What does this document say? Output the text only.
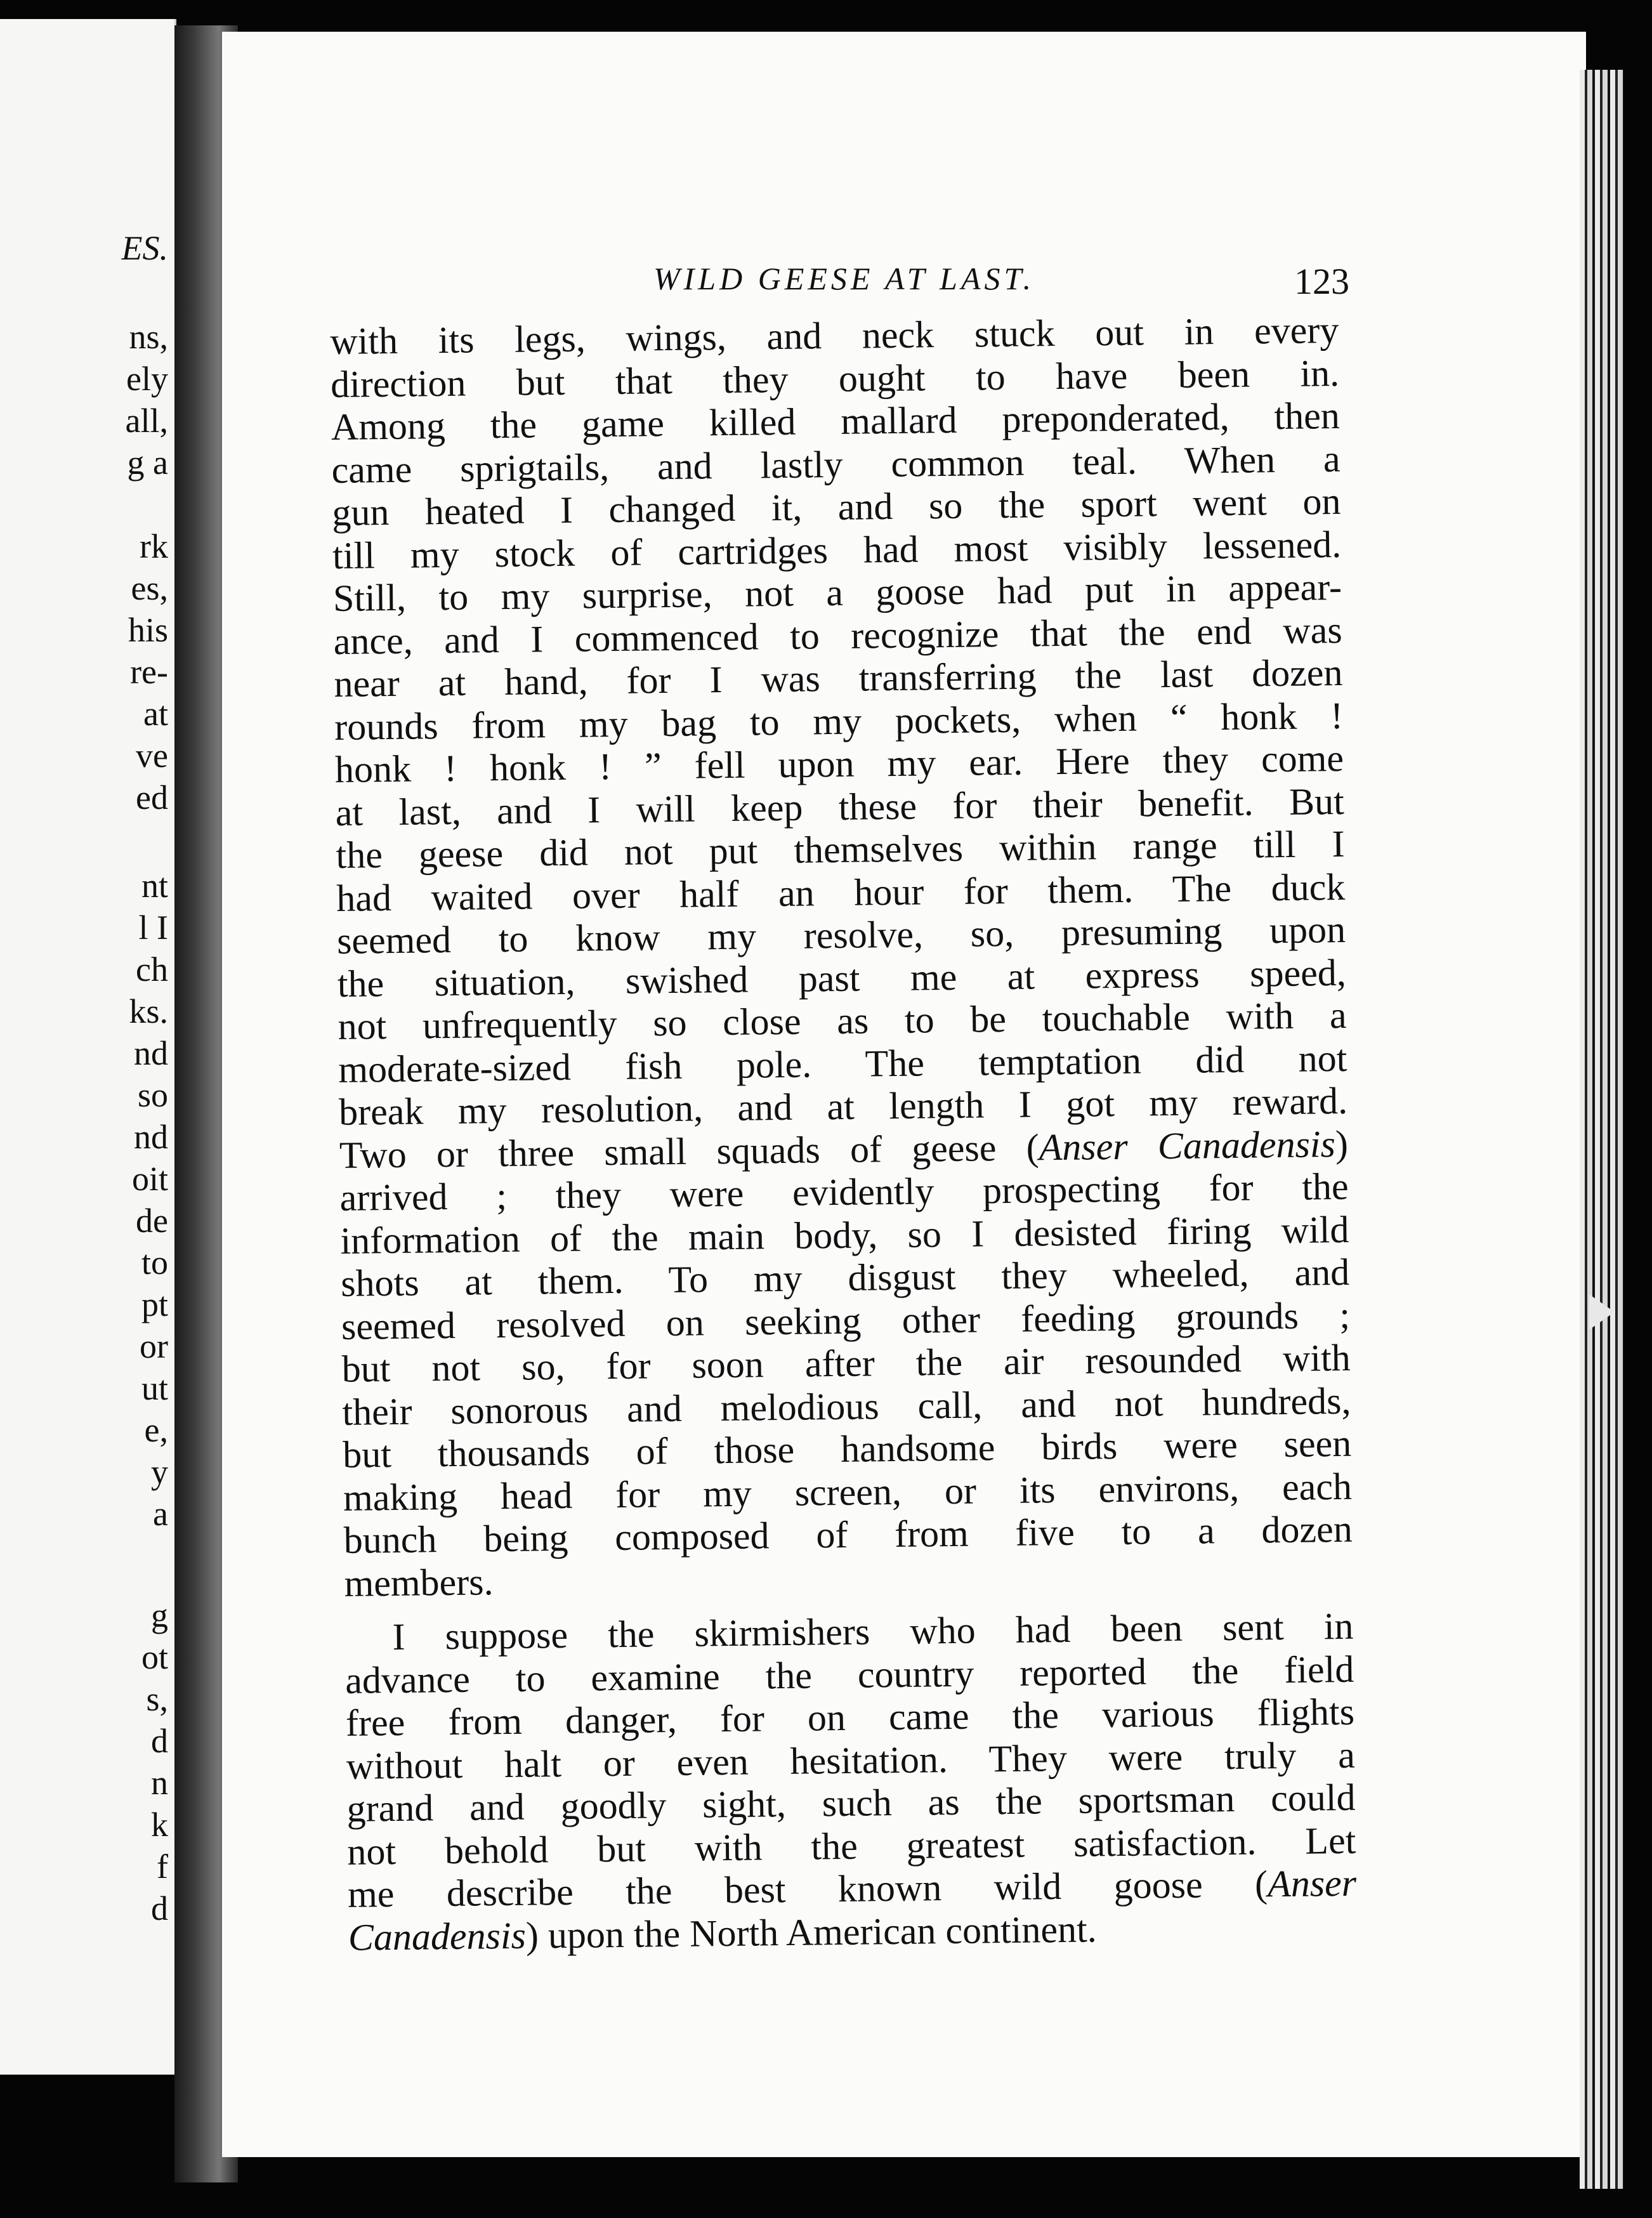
ES.
ns,
ely
all,
g a
rk
es,
his
re-
at
ve
ed
nt
l I
ch
ks.
nd
so
nd
oit
de
to
pt
or
ut
e,
y
a
g
ot
s,
d
n
k
f
d
WILD GEESE AT LAST.	123
with its legs, wings, and neck stuck out in every
direction but that they ought to have been in.
Among the game killed mallard preponderated, then
came sprigtails, and lastly common teal. When a
gun heated I changed it, and so the sport went on
till my stock of cartridges had most visibly lessened.
Still, to my surprise, not a goose had put in appear-
ance, and I commenced to recognize that the end was
near at hand, for I was transferring the last dozen
rounds from my bag to my pockets, when “ honk !
honk ! honk ! ” fell upon my ear. Here they come
at last, and I will keep these for their benefit. But
the geese did not put themselves within range till I
had waited over half an hour for them. The duck
seemed to know my resolve, so, presuming upon
the situation, swished past me at express speed,
not unfrequently so close as to be touchable with a
moderate-sized fish pole. The temptation did not
break my resolution, and at length I got my reward.
Two or three small squads of geese (Anser Canadensis)
arrived ; they were evidently prospecting for the
information of the main body, so I desisted firing wild
shots at them. To my disgust they wheeled, and
seemed resolved on seeking other feeding grounds ;
but not so, for soon after the air resounded with
their sonorous and melodious call, and not hundreds,
but thousands of those handsome birds were seen
making head for my screen, or its environs, each
bunch being composed of from five to a dozen
members.
I suppose the skirmishers who had been sent in
advance to examine the country reported the field
free from danger, for on came the various flights
without halt or even hesitation. They were truly a
grand and goodly sight, such as the sportsman could
not behold but with the greatest satisfaction. Let
me describe the best known wild goose (Anser
Canadensis) upon the North American continent.
